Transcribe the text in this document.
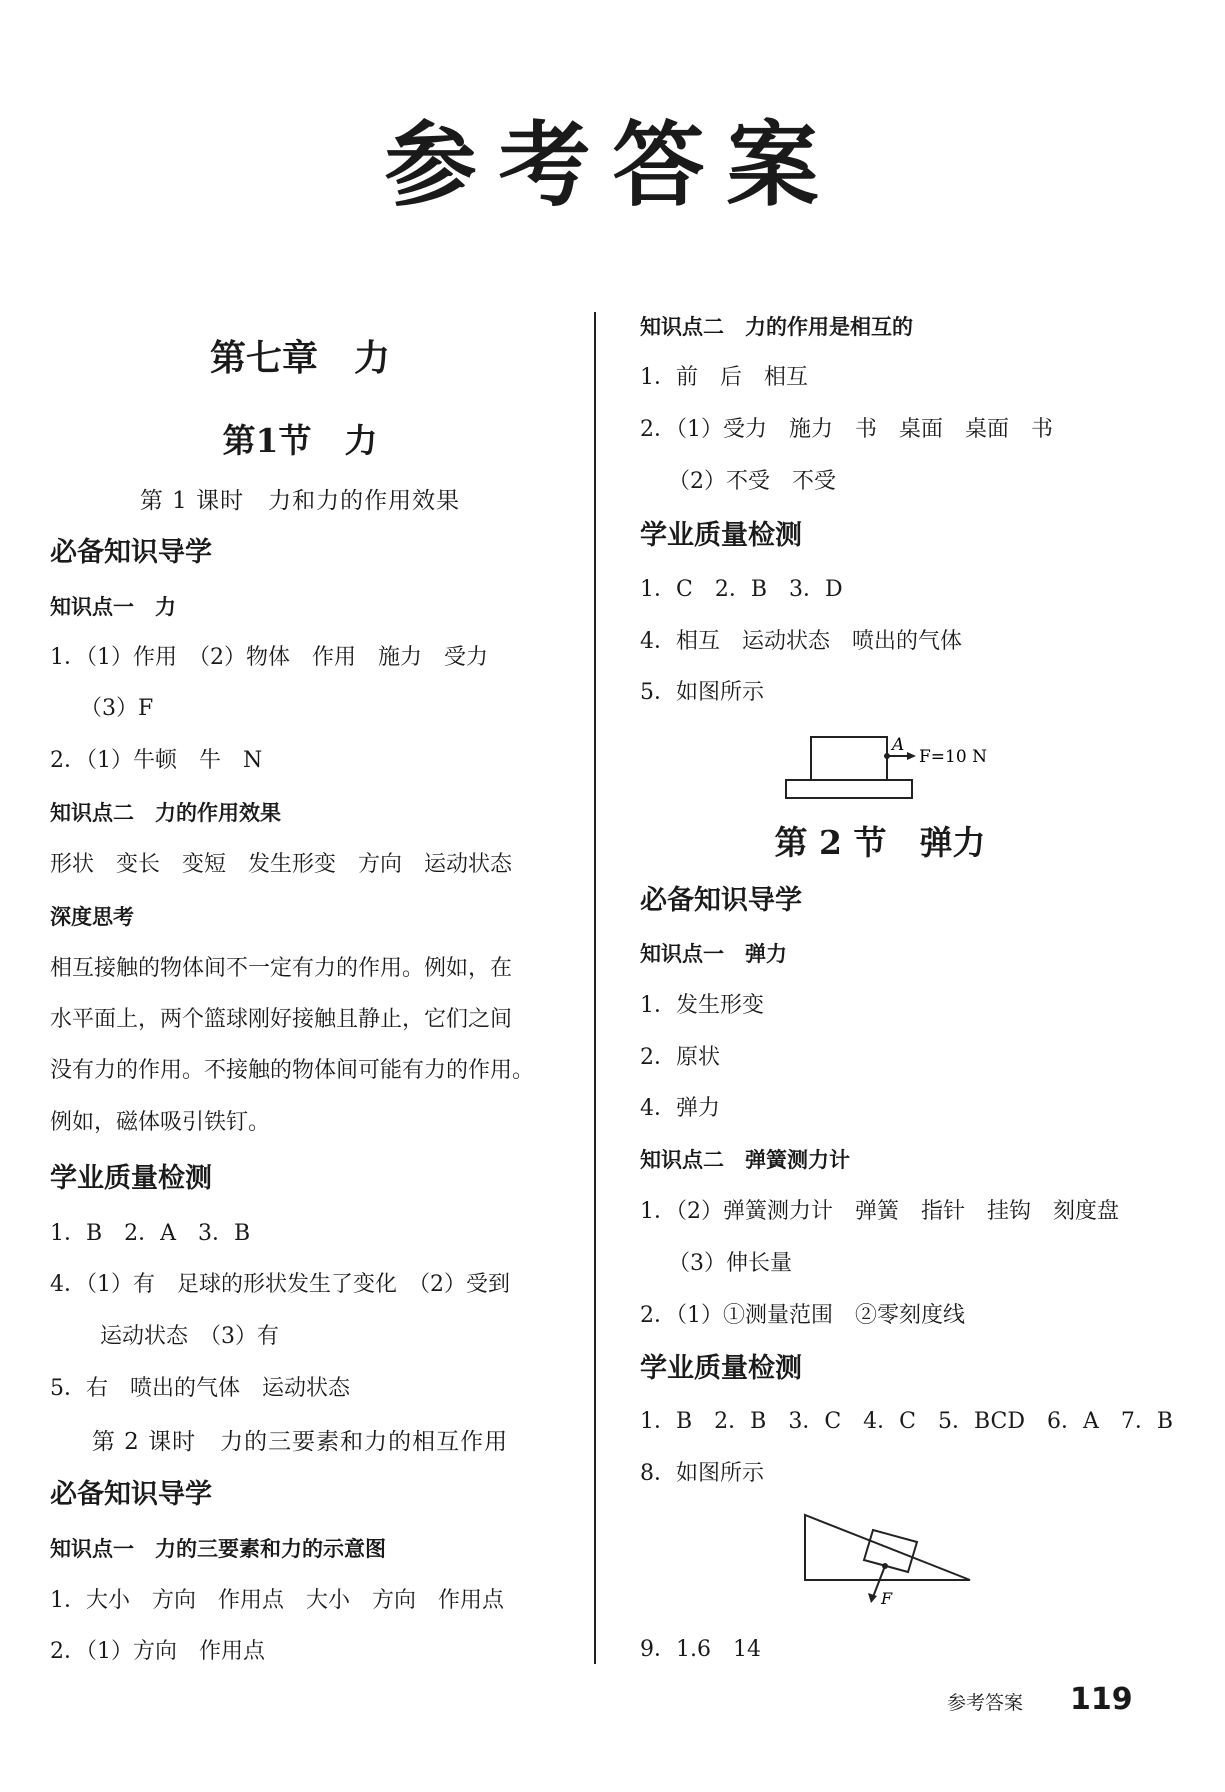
参考答案
第七章　力
第1节　力
第 1 课时　力和力的作用效果
必备知识导学
知识点一　力
1．（1）作用　（2）物体　作用　施力　受力
（3）F
2．（1）牛顿　牛　N
知识点二　力的作用效果
形状　变长　变短　发生形变　方向　运动状态
深度思考
相互接触的物体间不一定有力的作用。例如，在
水平面上，两个篮球刚好接触且静止，它们之间
没有力的作用。不接触的物体间可能有力的作用。
例如，磁体吸引铁钉。
学业质量检测
1．B　2．A　3．B
4．（1）有　足球的形状发生了变化　（2）受到
运动状态　（3）有
5．右　喷出的气体　运动状态
第 2 课时　力的三要素和力的相互作用
必备知识导学
知识点一　力的三要素和力的示意图
1．大小　方向　作用点　大小　方向　作用点
2．（1）方向　作用点
知识点二　力的作用是相互的
1．前　后　相互
2．（1）受力　施力　书　桌面　桌面　书
（2）不受　不受
学业质量检测
1．C　2．B　3．D
4．相互　运动状态　喷出的气体
5．如图所示
A
F=10 N
第 2 节　弹力
必备知识导学
知识点一　弹力
1．发生形变
2．原状
4．弹力
知识点二　弹簧测力计
1．（2）弹簧测力计　弹簧　指针　挂钩　刻度盘
（3）伸长量
2．（1）①测量范围　②零刻度线
学业质量检测
1．B　2．B　3．C　4．C　5．BCD　6．A　7．B
8．如图所示
F
9．1.6　14
参考答案 119
